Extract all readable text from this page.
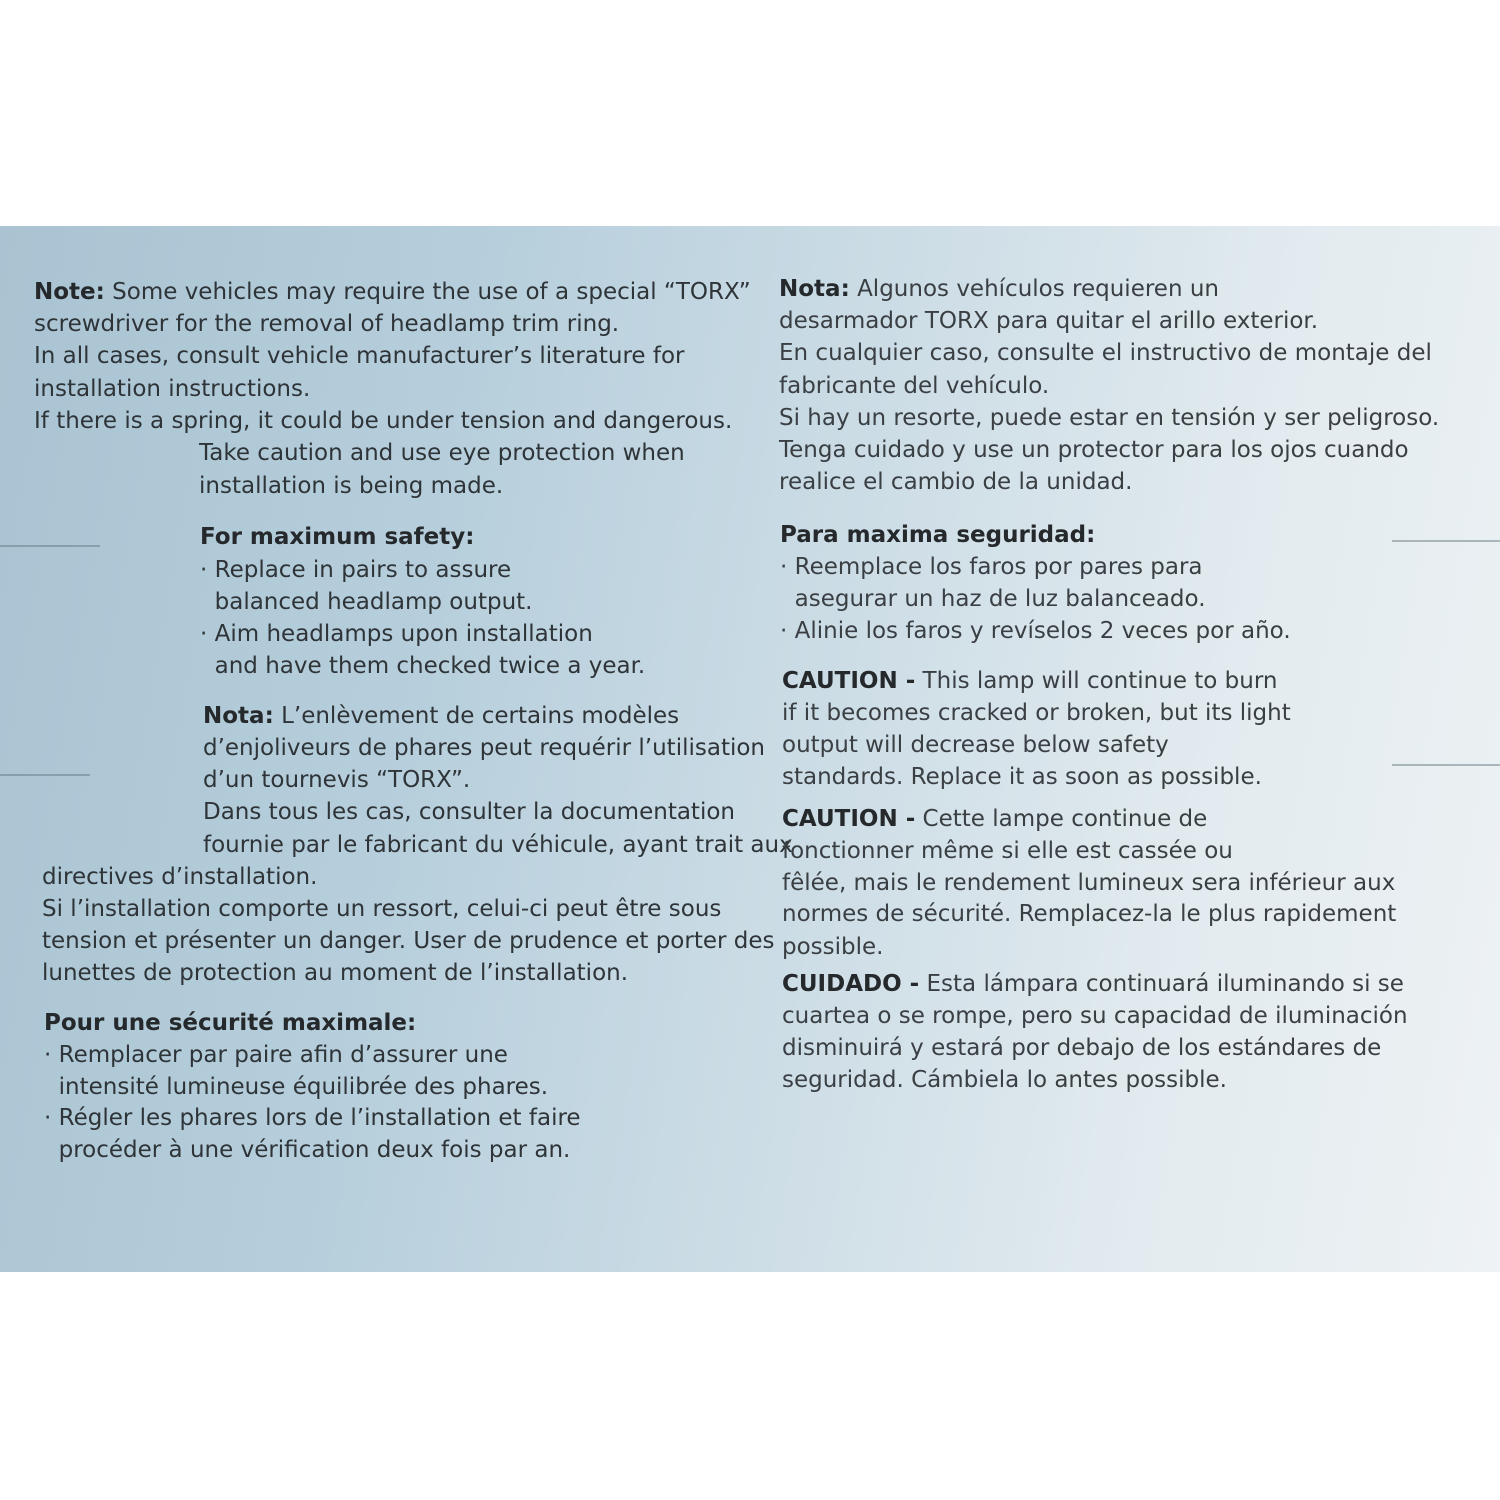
Note: Some vehicles may require the use of a special “TORX”
screwdriver for the removal of headlamp trim ring.
In all cases, consult vehicle manufacturer’s literature for
installation instructions.
If there is a spring, it could be under tension and dangerous.
Take caution and use eye protection when
installation is being made.
For maximum safety:
· Replace in pairs to assure
balanced headlamp output.
· Aim headlamps upon installation
and have them checked twice a year.
Nota: L’enlèvement de certains modèles
d’enjoliveurs de phares peut requérir l’utilisation
d’un tournevis “TORX”.
Dans tous les cas, consulter la documentation
fournie par le fabricant du véhicule, ayant trait aux
directives d’installation.
Si l’installation comporte un ressort, celui-ci peut être sous
tension et présenter un danger. User de prudence et porter des
lunettes de protection au moment de l’installation.
Pour une sécurité maximale:
· Remplacer par paire afin d’assurer une
intensité lumineuse équilibrée des phares.
· Régler les phares lors de l’installation et faire
procéder à une vérification deux fois par an.
Nota: Algunos vehículos requieren un
desarmador TORX para quitar el arillo exterior.
En cualquier caso, consulte el instructivo de montaje del
fabricante del vehículo.
Si hay un resorte, puede estar en tensión y ser peligroso.
Tenga cuidado y use un protector para los ojos cuando
realice el cambio de la unidad.
Para maxima seguridad:
· Reemplace los faros por pares para
asegurar un haz de luz balanceado.
· Alinie los faros y revíselos 2 veces por año.
CAUTION - This lamp will continue to burn
if it becomes cracked or broken, but its light
output will decrease below safety
standards. Replace it as soon as possible.
CAUTION - Cette lampe continue de
fonctionner même si elle est cassée ou
fêlée, mais le rendement lumineux sera inférieur aux
normes de sécurité. Remplacez-la le plus rapidement
possible.
CUIDADO - Esta lámpara continuará iluminando si se
cuartea o se rompe, pero su capacidad de iluminación
disminuirá y estará por debajo de los estándares de
seguridad. Cámbiela lo antes possible.
